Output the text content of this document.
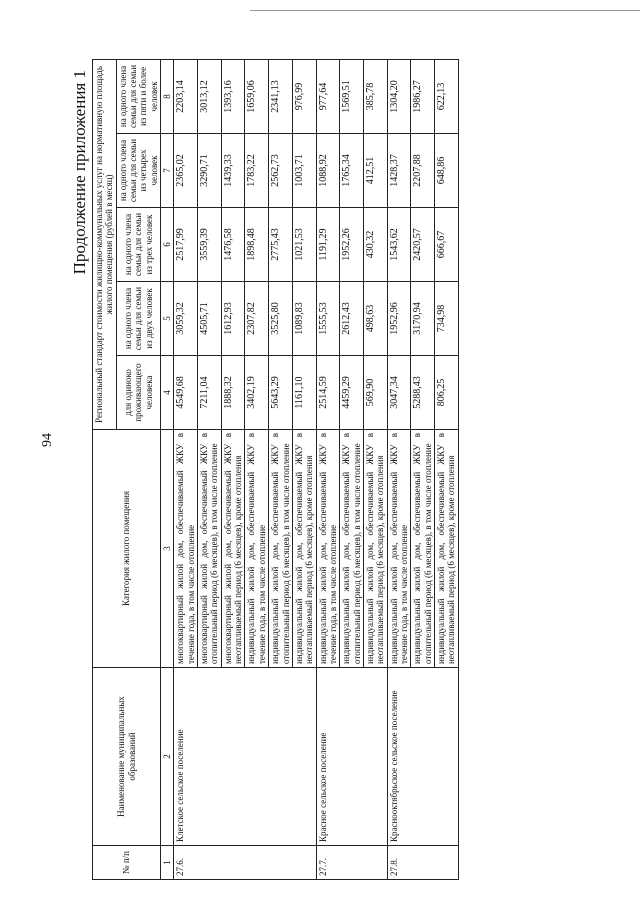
94
Продолжение приложения 1
№ п/п	Наименование муниципальных образований	Категория жилого помещения	Региональный стандарт стоимости жилищно-коммунальных услуг на нормативную площадь жилого помещения (рублей в месяц)				
			для одиноко проживающего человека	на одного члена семьи для семьи из двух человек	на одного члена семьи для семьи из трех человек	на одного члена семьи для семьи из четырех человек	на одного члена семьи для семьи из пяти и более человек
1	2	3	4	5	6	7	8
27.6.	Клетское сельское поселение	многоквартирный жилой дом, обеспечиваемый ЖКУ в течение года, в том числе отопление	4549,68	3059,32	2517,99	2365,02	2203,14
		многоквартирный жилой дом, обеспечиваемый ЖКУ в отопительный период (6 месяцев), в том числе отопление	7211,04	4505,71	3559,39	3290,71	3013,12
		многоквартирный жилой дом, обеспечиваемый ЖКУ в неотапливаемый период (6 месяцев), кроме отопления	1888,32	1612,93	1476,58	1439,33	1393,16
		индивидуальный жилой дом, обеспечиваемый ЖКУ в течение года, в том числе отопление	3402,19	2307,82	1898,48	1783,22	1659,06
		индивидуальный жилой дом, обеспечиваемый ЖКУ в отопительный период (6 месяцев), в том числе отопление	5643,29	3525,80	2775,43	2562,73	2341,13
		индивидуальный жилой дом, обеспечиваемый ЖКУ в неотапливаемый период (6 месяцев), кроме отопления	1161,10	1089,83	1021,53	1003,71	976,99
27.7.	Красное сельское поселение	индивидуальный жилой дом, обеспечиваемый ЖКУ в течение года, в том числе отопление	2514,59	1555,53	1191,29	1088,92	977,64
		индивидуальный жилой дом, обеспечиваемый ЖКУ в отопительный период (6 месяцев), в том числе отопление	4459,29	2612,43	1952,26	1765,34	1569,51
		индивидуальный жилой дом, обеспечиваемый ЖКУ в неотапливаемый период (6 месяцев), кроме отопления	569,90	498,63	430,32	412,51	385,78
27.8.	Краснооктябрьское сельское поселение	индивидуальный жилой дом, обеспечиваемый ЖКУ в течение года, в том числе отопление	3047,34	1952,96	1543,62	1428,37	1304,20
		индивидуальный жилой дом, обеспечиваемый ЖКУ в отопительный период (6 месяцев), в том числе отопление	5288,43	3170,94	2420,57	2207,88	1986,27
		индивидуальный жилой дом, обеспечиваемый ЖКУ в неотапливаемый период (6 месяцев), кроме отопления	806,25	734,98	666,67	648,86	622,13
